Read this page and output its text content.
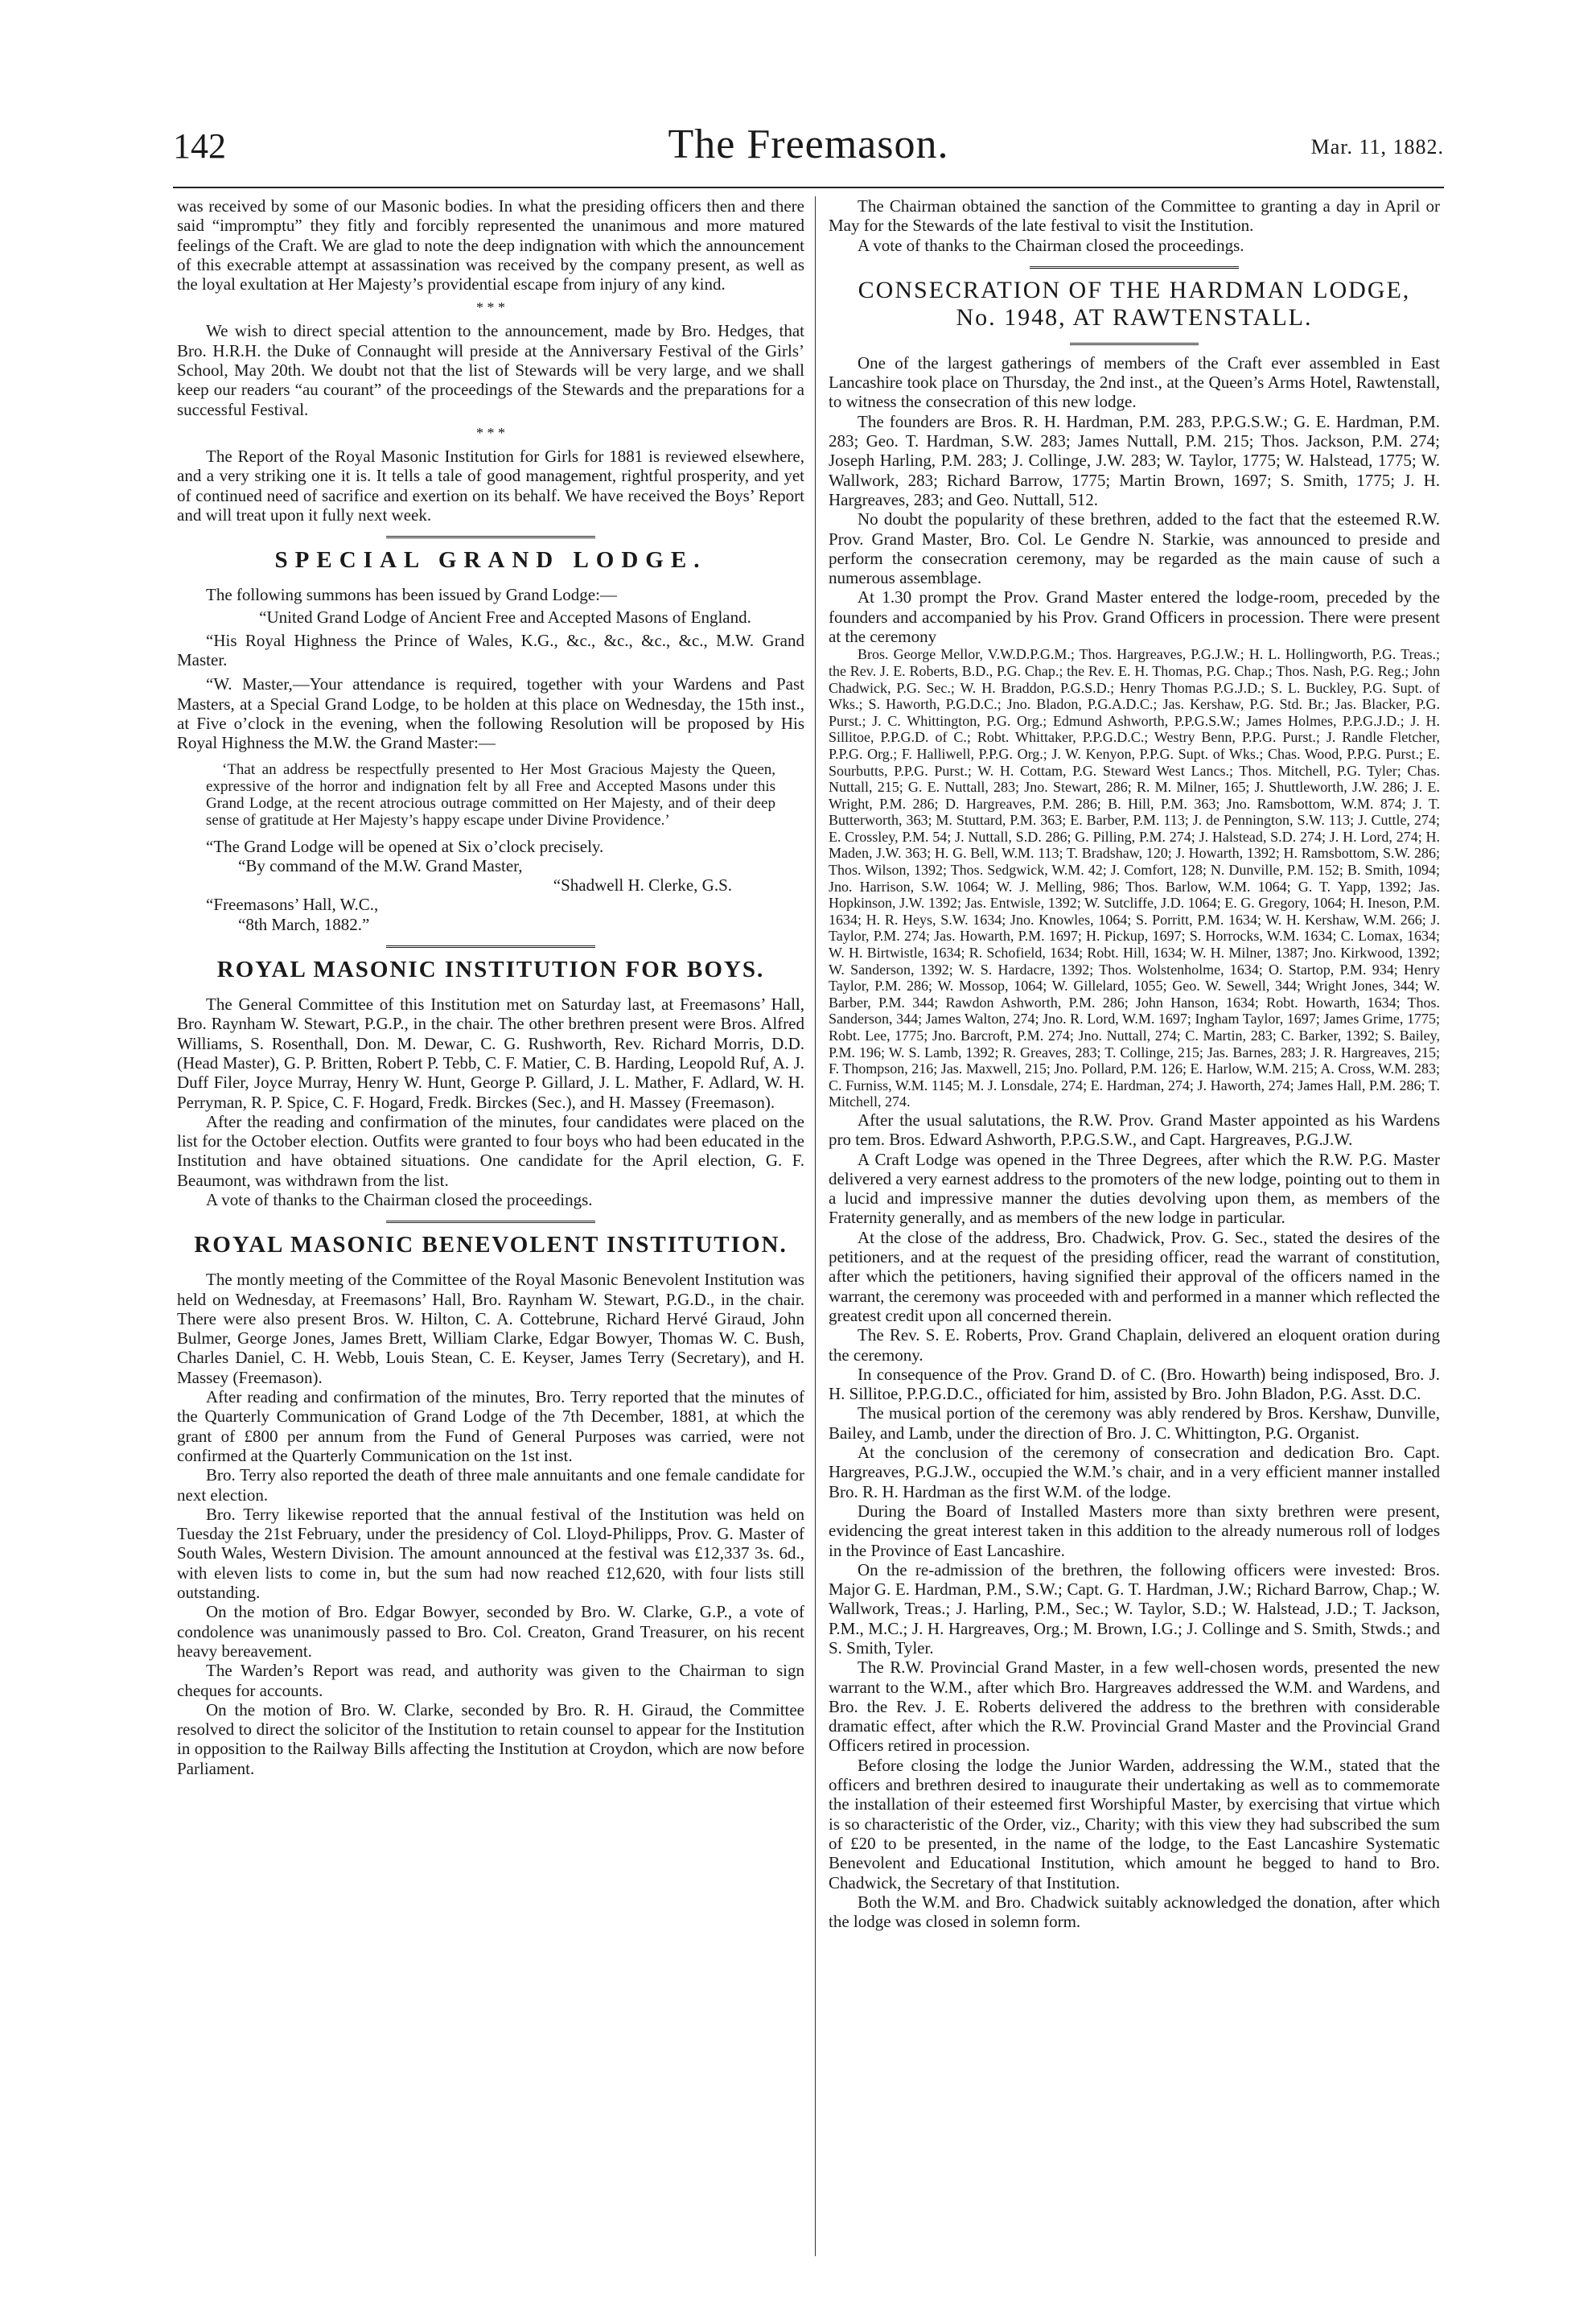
142	The Freemason.	Mar. 11, 1882.

was received by some of our Masonic bodies. In what the presiding officers then and there said “impromptu” they fitly and forcibly represented the unanimous and more matured feelings of the Craft. We are glad to note the deep indignation with which the announcement of this execrable attempt at assassination was received by the company present, as well as the loyal exultation at Her Majesty’s providential escape from injury of any kind.

* * *

We wish to direct special attention to the announcement, made by Bro. Hedges, that Bro. H.R.H. the Duke of Connaught will preside at the Anniversary Festival of the Girls’ School, May 20th. We doubt not that the list of Stewards will be very large, and we shall keep our readers “au courant” of the proceedings of the Stewards and the preparations for a successful Festival.

* * *

The Report of the Royal Masonic Institution for Girls for 1881 is reviewed elsewhere, and a very striking one it is. It tells a tale of good management, rightful prosperity, and yet of continued need of sacrifice and exertion on its behalf. We have received the Boys’ Report and will treat upon it fully next week.

SPECIAL GRAND LODGE.

The following summons has been issued by Grand Lodge:—

“United Grand Lodge of Ancient Free and Accepted Masons of England.

“His Royal Highness the Prince of Wales, K.G., &c., &c., &c., &c., M.W. Grand Master.

“W. Master,—Your attendance is required, together with your Wardens and Past Masters, at a Special Grand Lodge, to be holden at this place on Wednesday, the 15th inst., at Five o’clock in the evening, when the following Resolution will be proposed by His Royal Highness the M.W. the Grand Master:—

‘That an address be respectfully presented to Her Most Gracious Majesty the Queen, expressive of the horror and indignation felt by all Free and Accepted Masons under this Grand Lodge, at the recent atrocious outrage committed on Her Majesty, and of their deep sense of gratitude at Her Majesty’s happy escape under Divine Providence.’

“The Grand Lodge will be opened at Six o’clock precisely.

“By command of the M.W. Grand Master,

“Shadwell H. Clerke, G.S.

“Freemasons’ Hall, W.C.,

“8th March, 1882.”

ROYAL MASONIC INSTITUTION FOR BOYS.

The General Committee of this Institution met on Saturday last, at Freemasons’ Hall, Bro. Raynham W. Stewart, P.G.P., in the chair. The other brethren present were Bros. Alfred Williams, S. Rosenthall, Don. M. Dewar, C. G. Rushworth, Rev. Richard Morris, D.D. (Head Master), G. P. Britten, Robert P. Tebb, C. F. Matier, C. B. Harding, Leopold Ruf, A. J. Duff Filer, Joyce Murray, Henry W. Hunt, George P. Gillard, J. L. Mather, F. Adlard, W. H. Perryman, R. P. Spice, C. F. Hogard, Fredk. Birckes (Sec.), and H. Massey (Freemason).

After the reading and confirmation of the minutes, four candidates were placed on the list for the October election. Outfits were granted to four boys who had been educated in the Institution and have obtained situations. One candidate for the April election, G. F. Beaumont, was withdrawn from the list.

A vote of thanks to the Chairman closed the proceedings.

ROYAL MASONIC BENEVOLENT INSTITUTION.

The montly meeting of the Committee of the Royal Masonic Benevolent Institution was held on Wednesday, at Freemasons’ Hall, Bro. Raynham W. Stewart, P.G.D., in the chair. There were also present Bros. W. Hilton, C. A. Cottebrune, Richard Hervé Giraud, John Bulmer, George Jones, James Brett, William Clarke, Edgar Bowyer, Thomas W. C. Bush, Charles Daniel, C. H. Webb, Louis Stean, C. E. Keyser, James Terry (Secretary), and H. Massey (Freemason).

After reading and confirmation of the minutes, Bro. Terry reported that the minutes of the Quarterly Communication of Grand Lodge of the 7th December, 1881, at which the grant of £800 per annum from the Fund of General Purposes was carried, were not confirmed at the Quarterly Communication on the 1st inst.

Bro. Terry also reported the death of three male annuitants and one female candidate for next election.

Bro. Terry likewise reported that the annual festival of the Institution was held on Tuesday the 21st February, under the presidency of Col. Lloyd-Philipps, Prov. G. Master of South Wales, Western Division. The amount announced at the festival was £12,337 3s. 6d., with eleven lists to come in, but the sum had now reached £12,620, with four lists still outstanding.

On the motion of Bro. Edgar Bowyer, seconded by Bro. W. Clarke, G.P., a vote of condolence was unanimously passed to Bro. Col. Creaton, Grand Treasurer, on his recent heavy bereavement.

The Warden’s Report was read, and authority was given to the Chairman to sign cheques for accounts.

On the motion of Bro. W. Clarke, seconded by Bro. R. H. Giraud, the Committee resolved to direct the solicitor of the Institution to retain counsel to appear for the Institution in opposition to the Railway Bills affecting the Institution at Croydon, which are now before Parliament.

The Chairman obtained the sanction of the Committee to granting a day in April or May for the Stewards of the late festival to visit the Institution.

A vote of thanks to the Chairman closed the proceedings.

CONSECRATION OF THE HARDMAN LODGE,
No. 1948, AT RAWTENSTALL.

One of the largest gatherings of members of the Craft ever assembled in East Lancashire took place on Thursday, the 2nd inst., at the Queen’s Arms Hotel, Rawtenstall, to witness the consecration of this new lodge.

The founders are Bros. R. H. Hardman, P.M. 283, P.P.G.S.W.; G. E. Hardman, P.M. 283; Geo. T. Hardman, S.W. 283; James Nuttall, P.M. 215; Thos. Jackson, P.M. 274; Joseph Harling, P.M. 283; J. Collinge, J.W. 283; W. Taylor, 1775; W. Halstead, 1775; W. Wallwork, 283; Richard Barrow, 1775; Martin Brown, 1697; S. Smith, 1775; J. H. Hargreaves, 283; and Geo. Nuttall, 512.

No doubt the popularity of these brethren, added to the fact that the esteemed R.W. Prov. Grand Master, Bro. Col. Le Gendre N. Starkie, was announced to preside and perform the consecration ceremony, may be regarded as the main cause of such a numerous assemblage.

At 1.30 prompt the Prov. Grand Master entered the lodge-room, preceded by the founders and accompanied by his Prov. Grand Officers in procession. There were present at the ceremony

Bros. George Mellor, V.W.D.P.G.M.; Thos. Hargreaves, P.G.J.W.; H. L. Hollingworth, P.G. Treas.; the Rev. J. E. Roberts, B.D., P.G. Chap.; the Rev. E. H. Thomas, P.G. Chap.; Thos. Nash, P.G. Reg.; John Chadwick, P.G. Sec.; W. H. Braddon, P.G.S.D.; Henry Thomas P.G.J.D.; S. L. Buckley, P.G. Supt. of Wks.; S. Haworth, P.G.D.C.; Jno. Bladon, P.G.A.D.C.; Jas. Kershaw, P.G. Std. Br.; Jas. Blacker, P.G. Purst.; J. C. Whittington, P.G. Org.; Edmund Ashworth, P.P.G.S.W.; James Holmes, P.P.G.J.D.; J. H. Sillitoe, P.P.G.D. of C.; Robt. Whittaker, P.P.G.D.C.; Westry Benn, P.P.G. Purst.; J. Randle Fletcher, P.P.G. Org.; F. Halliwell, P.P.G. Org.; J. W. Kenyon, P.P.G. Supt. of Wks.; Chas. Wood, P.P.G. Purst.; E. Sourbutts, P.P.G. Purst.; W. H. Cottam, P.G. Steward West Lancs.; Thos. Mitchell, P.G. Tyler; Chas. Nuttall, 215; G. E. Nuttall, 283; Jno. Stewart, 286; R. M. Milner, 165; J. Shuttleworth, J.W. 286; J. E. Wright, P.M. 286; D. Hargreaves, P.M. 286; B. Hill, P.M. 363; Jno. Ramsbottom, W.M. 874; J. T. Butterworth, 363; M. Stuttard, P.M. 363; E. Barber, P.M. 113; J. de Pennington, S.W. 113; J. Cuttle, 274; E. Crossley, P.M. 54; J. Nuttall, S.D. 286; G. Pilling, P.M. 274; J. Halstead, S.D. 274; J. H. Lord, 274; H. Maden, J.W. 363; H. G. Bell, W.M. 113; T. Bradshaw, 120; J. Howarth, 1392; H. Ramsbottom, S.W. 286; Thos. Wilson, 1392; Thos. Sedgwick, W.M. 42; J. Comfort, 128; N. Dunville, P.M. 152; B. Smith, 1094; Jno. Harrison, S.W. 1064; W. J. Melling, 986; Thos. Barlow, W.M. 1064; G. T. Yapp, 1392; Jas. Hopkinson, J.W. 1392; Jas. Entwisle, 1392; W. Sutcliffe, J.D. 1064; E. G. Gregory, 1064; H. Ineson, P.M. 1634; H. R. Heys, S.W. 1634; Jno. Knowles, 1064; S. Porritt, P.M. 1634; W. H. Kershaw, W.M. 266; J. Taylor, P.M. 274; Jas. Howarth, P.M. 1697; H. Pickup, 1697; S. Horrocks, W.M. 1634; C. Lomax, 1634; W. H. Birtwistle, 1634; R. Schofield, 1634; Robt. Hill, 1634; W. H. Milner, 1387; Jno. Kirkwood, 1392; W. Sanderson, 1392; W. S. Hardacre, 1392; Thos. Wolstenholme, 1634; O. Startop, P.M. 934; Henry Taylor, P.M. 286; W. Mossop, 1064; W. Gillelard, 1055; Geo. W. Sewell, 344; Wright Jones, 344; W. Barber, P.M. 344; Rawdon Ashworth, P.M. 286; John Hanson, 1634; Robt. Howarth, 1634; Thos. Sanderson, 344; James Walton, 274; Jno. R. Lord, W.M. 1697; Ingham Taylor, 1697; James Grime, 1775; Robt. Lee, 1775; Jno. Barcroft, P.M. 274; Jno. Nuttall, 274; C. Martin, 283; C. Barker, 1392; S. Bailey, P.M. 196; W. S. Lamb, 1392; R. Greaves, 283; T. Collinge, 215; Jas. Barnes, 283; J. R. Hargreaves, 215; F. Thompson, 216; Jas. Maxwell, 215; Jno. Pollard, P.M. 126; E. Harlow, W.M. 215; A. Cross, W.M. 283; C. Furniss, W.M. 1145; M. J. Lonsdale, 274; E. Hardman, 274; J. Haworth, 274; James Hall, P.M. 286; T. Mitchell, 274.

After the usual salutations, the R.W. Prov. Grand Master appointed as his Wardens pro tem. Bros. Edward Ashworth, P.P.G.S.W., and Capt. Hargreaves, P.G.J.W.

A Craft Lodge was opened in the Three Degrees, after which the R.W. P.G. Master delivered a very earnest address to the promoters of the new lodge, pointing out to them in a lucid and impressive manner the duties devolving upon them, as members of the Fraternity generally, and as members of the new lodge in particular.

At the close of the address, Bro. Chadwick, Prov. G. Sec., stated the desires of the petitioners, and at the request of the presiding officer, read the warrant of constitution, after which the petitioners, having signified their approval of the officers named in the warrant, the ceremony was proceeded with and performed in a manner which reflected the greatest credit upon all concerned therein.

The Rev. S. E. Roberts, Prov. Grand Chaplain, delivered an eloquent oration during the ceremony.

In consequence of the Prov. Grand D. of C. (Bro. Howarth) being indisposed, Bro. J. H. Sillitoe, P.P.G.D.C., officiated for him, assisted by Bro. John Bladon, P.G. Asst. D.C.

The musical portion of the ceremony was ably rendered by Bros. Kershaw, Dunville, Bailey, and Lamb, under the direction of Bro. J. C. Whittington, P.G. Organist.

At the conclusion of the ceremony of consecration and dedication Bro. Capt. Hargreaves, P.G.J.W., occupied the W.M.’s chair, and in a very efficient manner installed Bro. R. H. Hardman as the first W.M. of the lodge.

During the Board of Installed Masters more than sixty brethren were present, evidencing the great interest taken in this addition to the already numerous roll of lodges in the Province of East Lancashire.

On the re-admission of the brethren, the following officers were invested: Bros. Major G. E. Hardman, P.M., S.W.; Capt. G. T. Hardman, J.W.; Richard Barrow, Chap.; W. Wallwork, Treas.; J. Harling, P.M., Sec.; W. Taylor, S.D.; W. Halstead, J.D.; T. Jackson, P.M., M.C.; J. H. Hargreaves, Org.; M. Brown, I.G.; J. Collinge and S. Smith, Stwds.; and S. Smith, Tyler.

The R.W. Provincial Grand Master, in a few well-chosen words, presented the new warrant to the W.M., after which Bro. Hargreaves addressed the W.M. and Wardens, and Bro. the Rev. J. E. Roberts delivered the address to the brethren with considerable dramatic effect, after which the R.W. Provincial Grand Master and the Provincial Grand Officers retired in procession.

Before closing the lodge the Junior Warden, addressing the W.M., stated that the officers and brethren desired to inaugurate their undertaking as well as to commemorate the installation of their esteemed first Worshipful Master, by exercising that virtue which is so characteristic of the Order, viz., Charity; with this view they had subscribed the sum of £20 to be presented, in the name of the lodge, to the East Lancashire Systematic Benevolent and Educational Institution, which amount he begged to hand to Bro. Chadwick, the Secretary of that Institution.

Both the W.M. and Bro. Chadwick suitably acknowledged the donation, after which the lodge was closed in solemn form.
